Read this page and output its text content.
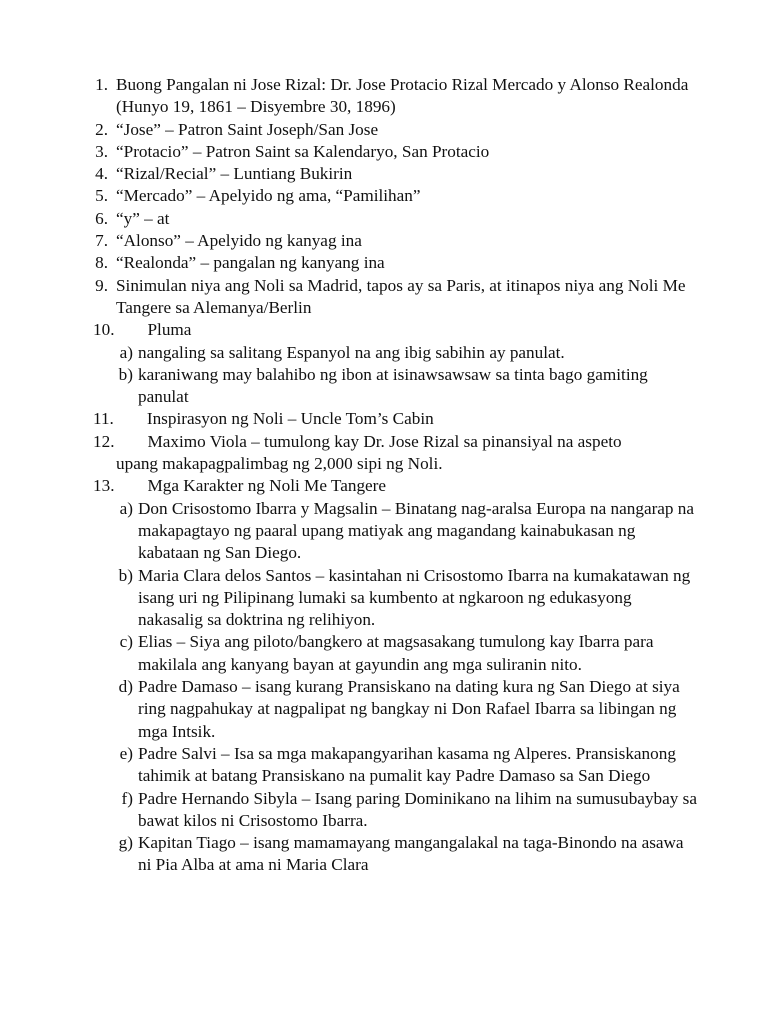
1. Buong Pangalan ni Jose Rizal: Dr. Jose Protacio Rizal Mercado y Alonso Realonda (Hunyo 19, 1861 – Disyembre 30, 1896)
2. “Jose” – Patron Saint Joseph/San Jose
3. “Protacio” – Patron Saint sa Kalendaryo, San Protacio
4. “Rizal/Recial” – Luntiang Bukirin
5. “Mercado” – Apelyido ng ama, “Pamilihan”
6. “y” – at
7. “Alonso” – Apelyido ng kanyag ina
8. “Realonda” – pangalan ng kanyang ina
9. Sinimulan niya ang Noli sa Madrid, tapos ay sa Paris, at itinapos niya ang Noli Me Tangere sa Alemanya/Berlin
10. Pluma
a) nangaling sa salitang Espanyol na ang ibig sabihin ay panulat.
b) karaniwang may balahibo ng ibon at isinawsawsaw sa tinta bago gamiting panulat
11. Inspirasyon ng Noli – Uncle Tom’s Cabin
12. Maximo Viola – tumulong kay Dr. Jose Rizal sa pinansiyal na aspeto
upang makapagpalimbag ng 2,000 sipi ng Noli.
13. Mga Karakter ng Noli Me Tangere
a) Don Crisostomo Ibarra y Magsalin – Binatang nag-aralsa Europa na nangarap na makapagtayo ng paaral upang matiyak ang magandang kainabukasan ng kabataan ng San Diego.
b) Maria Clara delos Santos – kasintahan ni Crisostomo Ibarra na kumakatawan ng isang uri ng Pilipinang lumaki sa kumbento at ngkaroon ng edukasyong nakasalig sa doktrina ng relihiyon.
c) Elias – Siya ang piloto/bangkero at magsasakang tumulong kay Ibarra para makilala ang kanyang bayan at gayundin ang mga suliranin nito.
d) Padre Damaso – isang kurang Pransiskano na dating kura ng San Diego at siya ring nagpahukay at nagpalipat ng bangkay ni Don Rafael Ibarra sa libingan ng mga Intsik.
e) Padre Salvi – Isa sa mga makapangyarihan kasama ng Alperes. Pransiskanong tahimik at batang Pransiskano na pumalit kay Padre Damaso sa San Diego
f) Padre Hernando Sibyla – Isang paring Dominikano na lihim na sumusubaybay sa bawat kilos ni Crisostomo Ibarra.
g) Kapitan Tiago – isang mamamayang mangangalakal na taga-Binondo na asawa ni Pia Alba at ama ni Maria Clara
